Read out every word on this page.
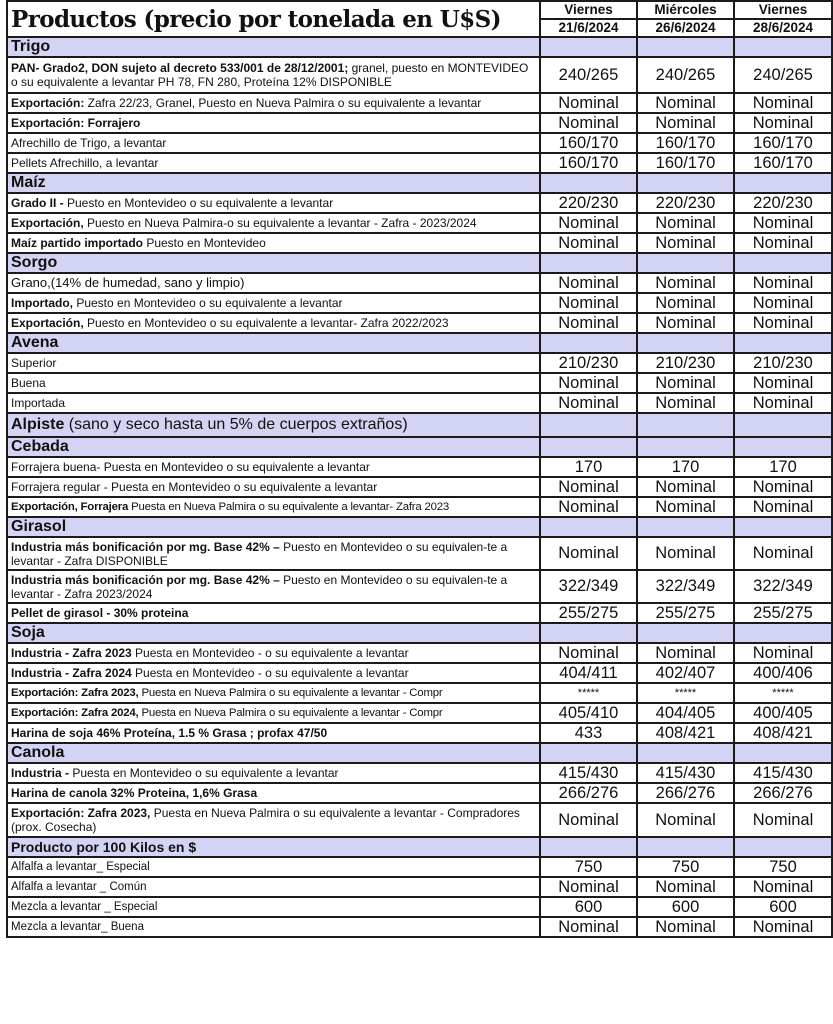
Productos (precio por tonelada en U$S)	Viernes	Miércoles	Viernes
	21/6/2024	26/6/2024	28/6/2024
Trigo			
PAN- Grado2, DON sujeto al decreto 533/001 de 28/12/2001; granel, puesto en MONTEVIDEO o su equivalente a levantar PH 78, FN 280, Proteína 12% DISPONIBLE	240/265	240/265	240/265
Exportación: Zafra 22/23, Granel, Puesto en Nueva Palmira o su equivalente a levantar	Nominal	Nominal	Nominal
Exportación: Forrajero	Nominal	Nominal	Nominal
Afrechillo de Trigo, a levantar	160/170	160/170	160/170
Pellets Afrechillo, a levantar	160/170	160/170	160/170
Maíz			
Grado II - Puesto en Montevideo o su equivalente a levantar	220/230	220/230	220/230
Exportación, Puesto en Nueva Palmira-o su equivalente a levantar - Zafra - 2023/2024	Nominal	Nominal	Nominal
Maíz partido importado Puesto en Montevideo	Nominal	Nominal	Nominal
Sorgo			
Grano,(14% de humedad, sano y limpio)	Nominal	Nominal	Nominal
Importado, Puesto en Montevideo o su equivalente a levantar	Nominal	Nominal	Nominal
Exportación, Puesto en Montevideo o su equivalente a levantar- Zafra 2022/2023	Nominal	Nominal	Nominal
Avena			
Superior	210/230	210/230	210/230
Buena	Nominal	Nominal	Nominal
Importada	Nominal	Nominal	Nominal
Alpiste (sano y seco hasta un 5% de cuerpos extraños)			
Cebada			
Forrajera buena- Puesta en Montevideo o su equivalente a levantar	170	170	170
Forrajera regular - Puesta en Montevideo o su equivalente a levantar	Nominal	Nominal	Nominal
Exportación, Forrajera Puesta en Nueva Palmira o su equivalente a levantar- Zafra 2023	Nominal	Nominal	Nominal
Girasol			
Industria más bonificación por mg. Base 42% – Puesto en Montevideo o su equivalen-te a levantar - Zafra DISPONIBLE	Nominal	Nominal	Nominal
Industria más bonificación por mg. Base 42% – Puesto en Montevideo o su equivalen-te a levantar - Zafra 2023/2024	322/349	322/349	322/349
Pellet de girasol - 30% proteina	255/275	255/275	255/275
Soja			
Industria - Zafra 2023 Puesta en Montevideo - o su equivalente a levantar	Nominal	Nominal	Nominal
Industria - Zafra 2024 Puesta en Montevideo - o su equivalente a levantar	404/411	402/407	400/406
Exportación: Zafra 2023, Puesta en Nueva Palmira o su equivalente a levantar - Compr	*****	*****	*****
Exportación: Zafra 2024, Puesta en Nueva Palmira o su equivalente a levantar - Compr	405/410	404/405	400/405
Harina de soja 46% Proteína, 1.5 % Grasa ; profax 47/50	433	408/421	408/421
Canola			
Industria - Puesta en Montevideo o su equivalente a levantar	415/430	415/430	415/430
Harina de canola 32% Proteina, 1,6% Grasa	266/276	266/276	266/276
Exportación: Zafra 2023, Puesta en Nueva Palmira o su equivalente a levantar - Compradores (prox. Cosecha)	Nominal	Nominal	Nominal
Producto por 100 Kilos en $			
Alfalfa a levantar_ Especial	750	750	750
Alfalfa a levantar _ Común	Nominal	Nominal	Nominal
Mezcla a levantar _ Especial	600	600	600
Mezcla a levantar_ Buena	Nominal	Nominal	Nominal
